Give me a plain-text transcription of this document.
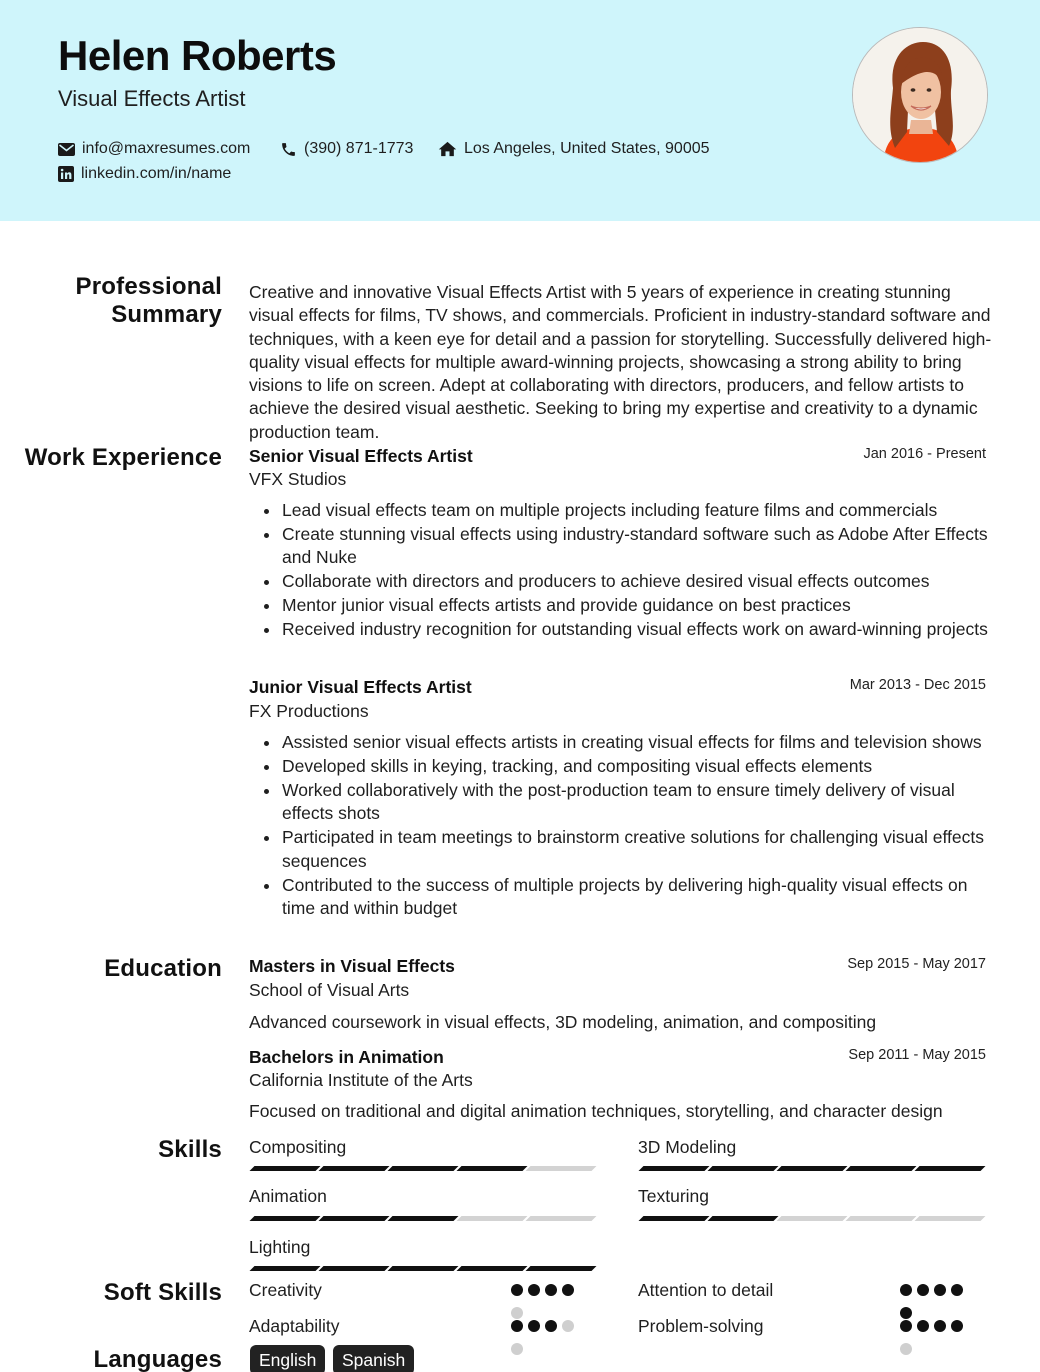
Helen Roberts
Visual Effects Artist
info@maxresumes.com	(390) 871-1773	Los Angeles, United States, 90005
linkedin.com/in/name
Professional Summary
Creative and innovative Visual Effects Artist with 5 years of experience in creating stunning visual effects for films, TV shows, and commercials. Proficient in industry-standard software and techniques, with a keen eye for detail and a passion for storytelling. Successfully delivered high-quality visual effects for multiple award-winning projects, showcasing a strong ability to bring visions to life on screen. Adept at collaborating with directors, producers, and fellow artists to achieve the desired visual aesthetic. Seeking to bring my expertise and creativity to a dynamic production team.
Work Experience Senior Visual Effects Artist	Jan 2016 - Present
VFX Studios
Lead visual effects team on multiple projects including feature films and commercials
Create stunning visual effects using industry-standard software such as Adobe After Effects and Nuke
Collaborate with directors and producers to achieve desired visual effects outcomes
Mentor junior visual effects artists and provide guidance on best practices
Received industry recognition for outstanding visual effects work on award-winning projects
Junior Visual Effects Artist	Mar 2013 - Dec 2015
FX Productions
Assisted senior visual effects artists in creating visual effects for films and television shows
Developed skills in keying, tracking, and compositing visual effects elements
Worked collaboratively with the post-production team to ensure timely delivery of visual effects shots
Participated in team meetings to brainstorm creative solutions for challenging visual effects sequences
Contributed to the success of multiple projects by delivering high-quality visual effects on time and within budget
Education Masters in Visual Effects	Sep 2015 - May 2017
School of Visual Arts
Advanced coursework in visual effects, 3D modeling, animation, and compositing
Bachelors in Animation	Sep 2011 - May 2015
California Institute of the Arts
Focused on traditional and digital animation techniques, storytelling, and character design
Skills Compositing	3D Modeling
Animation	Texturing
Lighting
Soft Skills Creativity	Attention to detail
Adaptability	Problem-solving
Languages	English	Spanish
